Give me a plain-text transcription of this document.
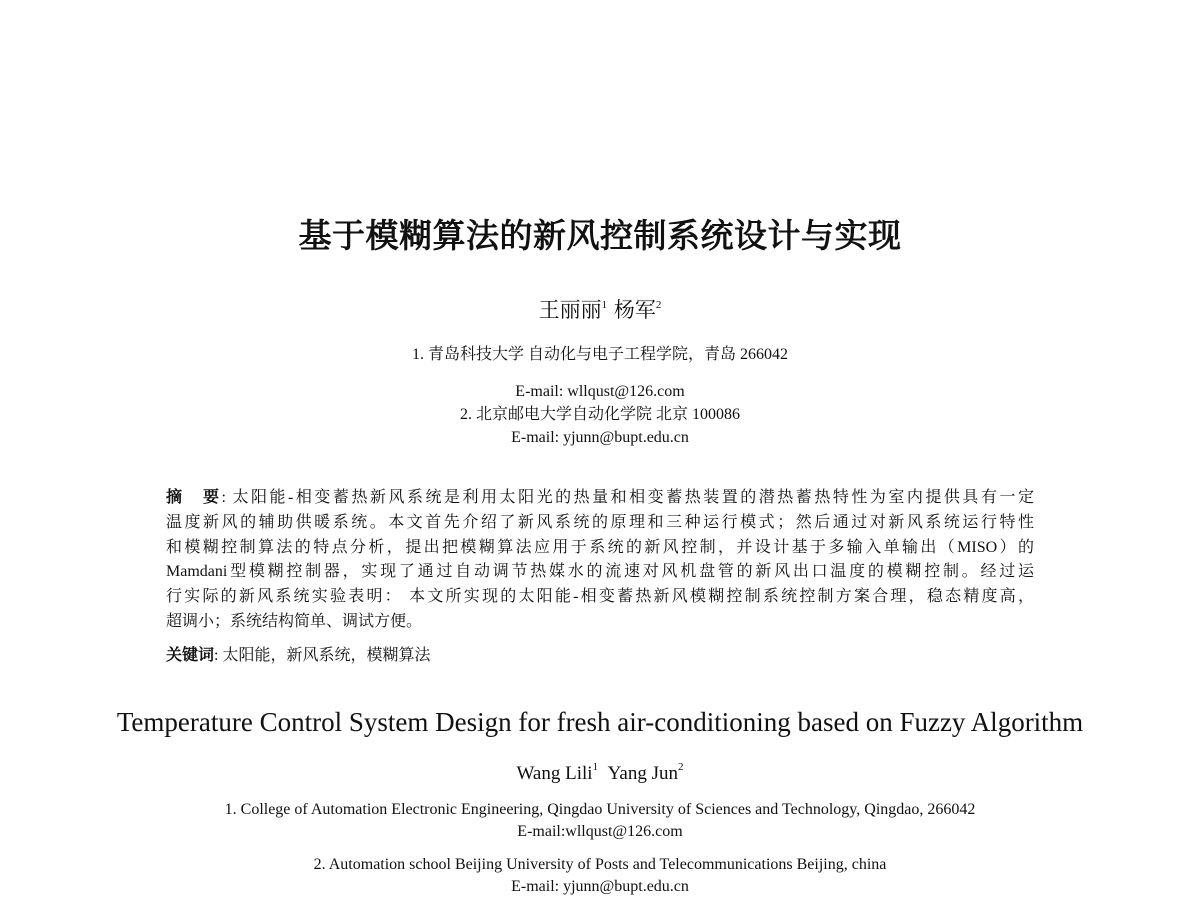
基于模糊算法的新风控制系统设计与实现
王丽丽$^1$ 杨军$^2$
1. 青岛科技大学 自动化与电子工程学院，青岛 266042
E-mail: wllqust@126.com
2. 北京邮电大学自动化学院 北京 100086
E-mail: yjunn@bupt.edu.cn
摘　要: 太阳能-相变蓄热新风系统是利用太阳光的热量和相变蓄热装置的潜热蓄热特性为室内提供具有一定
温度新风的辅助供暖系统。本文首先介绍了新风系统的原理和三种运行模式；然后通过对新风系统运行特性
和模糊控制算法的特点分析，提出把模糊算法应用于系统的新风控制，并设计基于多输入单输出（MISO）的
Mamdani型模糊控制器，实现了通过自动调节热媒水的流速对风机盘管的新风出口温度的模糊控制。经过运
行实际的新风系统实验表明： 本文所实现的太阳能-相变蓄热新风模糊控制系统控制方案合理，稳态精度高，
超调小；系统结构简单、调试方便。
关键词: 太阳能，新风系统，模糊算法
Temperature Control System Design for fresh air-conditioning based on Fuzzy Algorithm
Wang Lili$^1$ Yang Jun$^2$
1. College of Automation Electronic Engineering, Qingdao University of Sciences and Technology, Qingdao, 266042
E-mail:wllqust@126.com
2. Automation school Beijing University of Posts and Telecommunications Beijing, china
E-mail: yjunn@bupt.edu.cn
